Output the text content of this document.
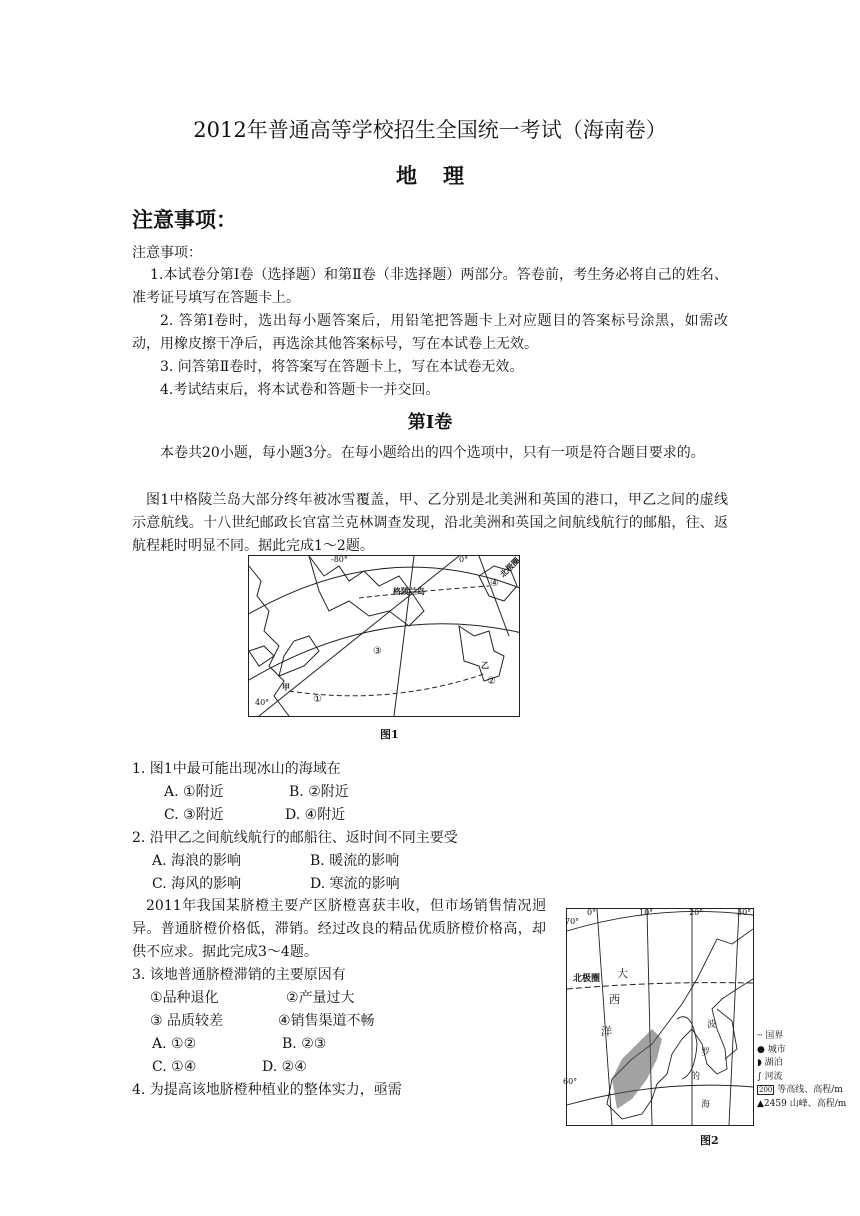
2012年普通高等学校招生全国统一考试（海南卷）
地理
注意事项：
注意事项：
1.本试卷分第Ⅰ卷（选择题）和第Ⅱ卷（非选择题）两部分。答卷前，考生务必将自己的姓名、准考证号填写在答题卡上。
2. 答第Ⅰ卷时，选出每小题答案后，用铅笔把答题卡上对应题目的答案标号涂黑，如需改动，用橡皮擦干净后，再选涂其他答案标号，写在本试卷上无效。
3. 问答第Ⅱ卷时，将答案写在答题卡上，写在本试卷无效。
4.考试结束后，将本试卷和答题卡一并交回。
第Ⅰ卷
本卷共20小题，每小题3分。在每小题给出的四个选项中，只有一项是符合题目要求的。
图1中格陵兰岛大部分终年被冰雪覆盖，甲、乙分别是北美洲和英国的港口，甲乙之间的虚线示意航线。十八世纪邮政长官富兰克林调查发现，沿北美洲和英国之间航线航行的邮船，往、返航程耗时明显不同。据此完成1～2题。
-80°	0°
格陵兰岛
北极圈
④
③
②
①
甲
乙
40°
图1
1. 图1中最可能出现冰山的海域在
A. ①附近	B. ②附近
C. ③附近	D. ④附近
2. 沿甲乙之间航线航行的邮船往、返时间不同主要受
A. 海浪的影响	B. 暖流的影响
C. 海风的影响	D. 寒流的影响
2011年我国某脐橙主要产区脐橙喜获丰收，但市场销售情况迥异。普通脐橙价格低，滞销。经过改良的精品优质脐橙价格高，却供不应求。据此完成3～4题。
3. 该地普通脐橙滞销的主要原因有
①品种退化	②产量过大
③ 品质较差	④销售渠道不畅
A. ①②	B. ②③
C. ①④	D. ②④
4. 为提高该地脐橙种植业的整体实力，亟需
0°	10°	20°	30°
70°
60°
北极圈 大
西
洋	波
罗
的
海
┄ 国界
● 城市
◗ 湖泊
∫ 河流
200 等高线、高程/m
▲2459 山峰、高程/m
图2
